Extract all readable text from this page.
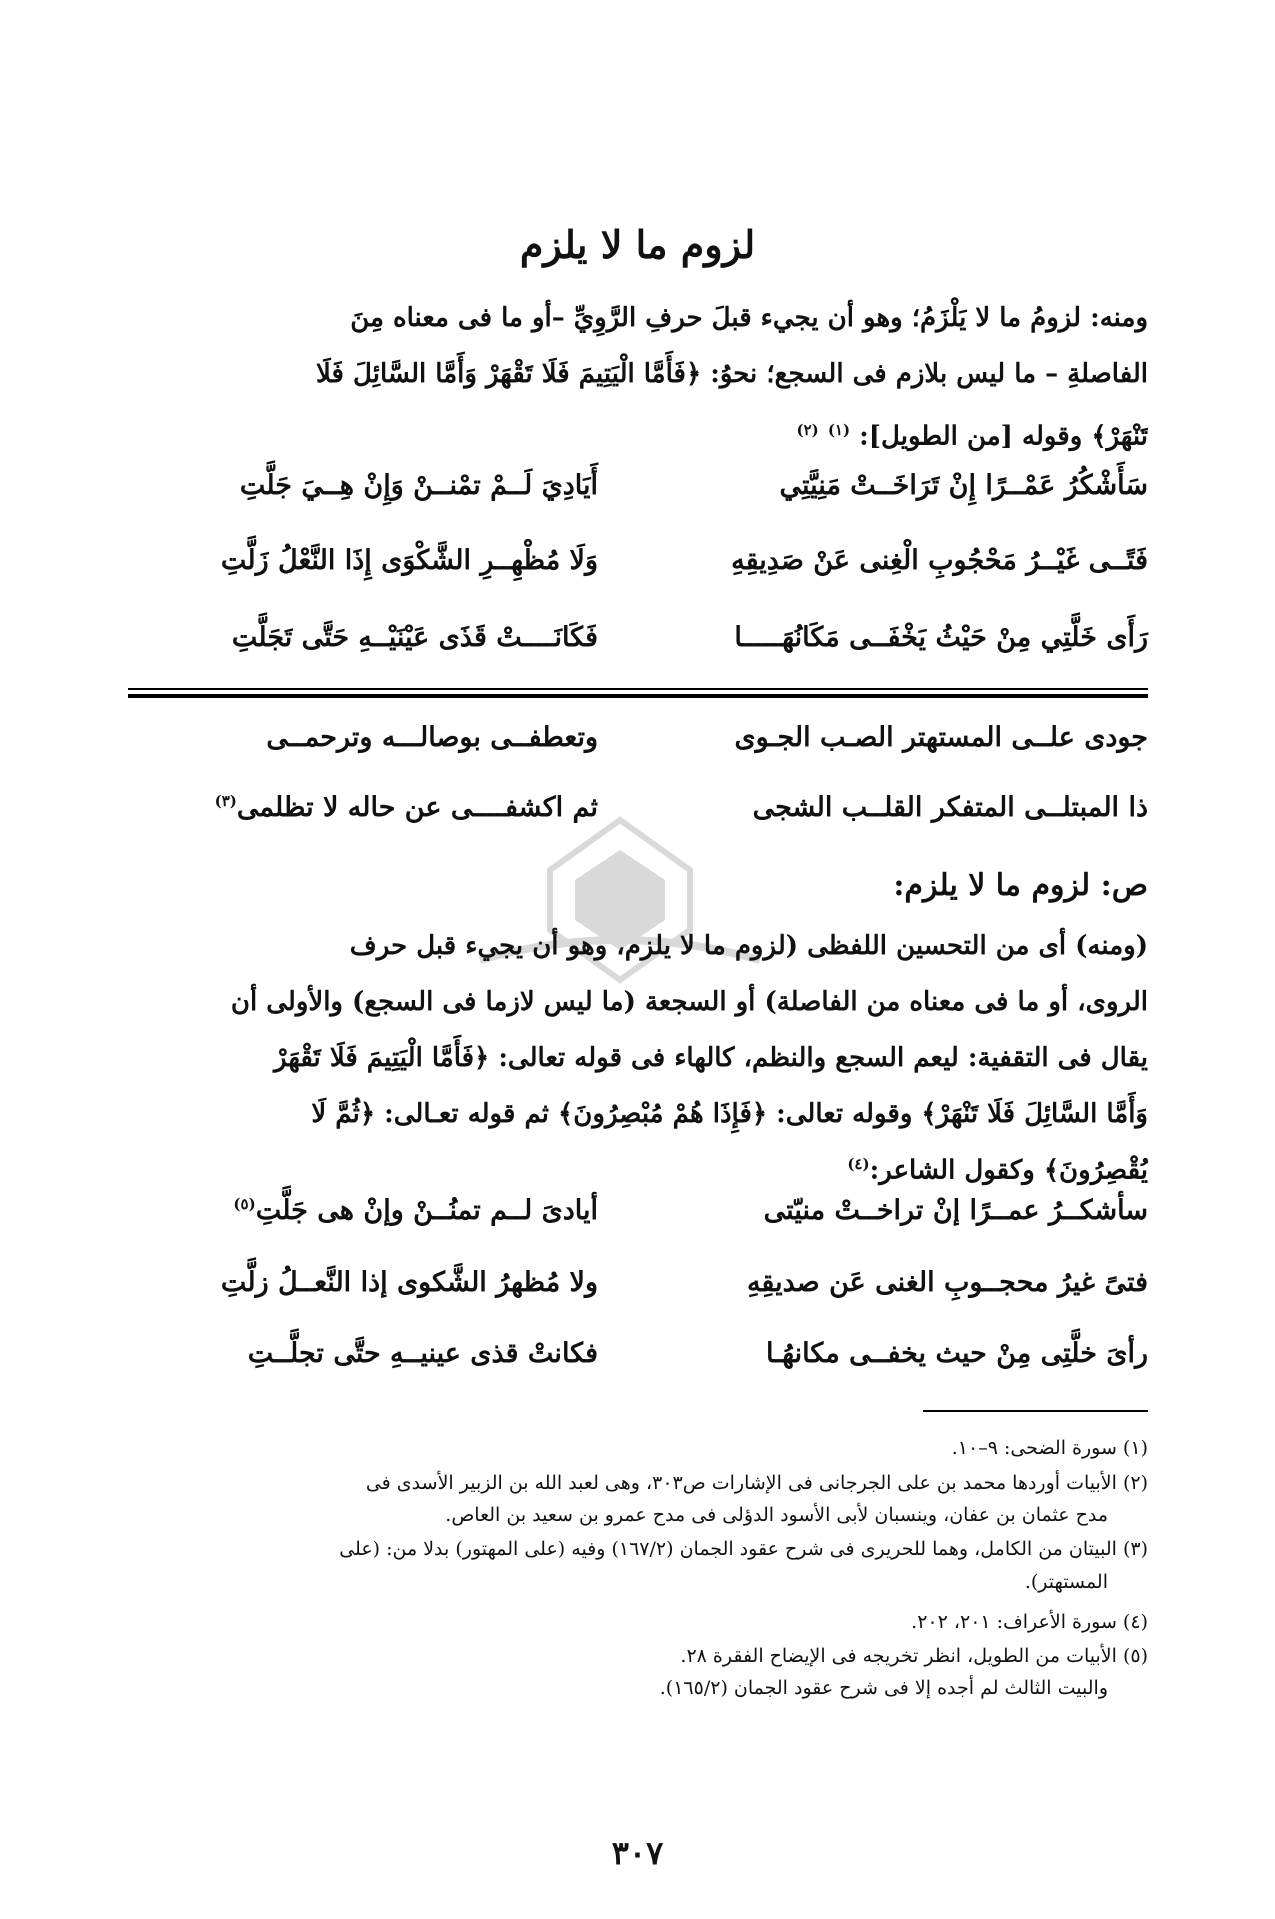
لزوم ما لا يلزم
ومنه: لزومُ ما لا يَلْزَمُ؛ وهو أن يجيء قبلَ حرفِ الرَّوِيِّ –أو ما فى معناه مِنَ
الفاصلةِ – ما ليس بلازم فى السجع؛ نحوُ: ﴿فَأَمَّا الْيَتِيمَ فَلَا تَقْهَرْ وَأَمَّا السَّائِلَ فَلَا
تَنْهَرْ﴾ وقوله [من الطويل]: $^{(١)}$ $^{(٢)}$
سَأَشْكُرُ عَمْــرًا إِنْ تَرَاخَــتْ مَنِيَّتِي
أَيَادِيَ لَــمْ تمْنــنْ وَإِنْ هِــيَ جَلَّتِ
فَتًــى غَيْــرُ مَحْجُوبِ الْغِنى عَنْ صَدِيقِهِ
وَلَا مُظْهِــرِ الشَّكْوَى إِذَا النَّعْلُ زَلَّتِ
رَأَى خَلَّتِي مِنْ حَيْثُ يَخْفَــى مَكَانُهَـــــا
فَكَانَــــتْ قَذَى عَيْنَيْــهِ حَتَّى تَجَلَّتِ
جودى علــى المستهتر الصـب الجـوى
وتعطفــى بوصالـــه وترحمــى
ذا المبتلــى المتفكر القلــب الشجى
ثم اكشفــــى عن حاله لا تظلمى$^{(٣)}$
ص: لزوم ما لا يلزم:
(ومنه) أى من التحسين اللفظى (لزوم ما لا يلزم، وهو أن يجيء قبل حرف
الروى، أو ما فى معناه من الفاصلة) أو السجعة (ما ليس لازما فى السجع) والأولى أن
يقال فى التقفية: ليعم السجع والنظم، كالهاء فى قوله تعالى: ﴿فَأَمَّا الْيَتِيمَ فَلَا تَقْهَرْ
وَأَمَّا السَّائِلَ فَلَا تَنْهَرْ﴾ وقوله تعالى: ﴿فَإِذَا هُمْ مُبْصِرُونَ﴾ ثم قوله تعـالى: ﴿ثُمَّ لَا
يُقْصِرُونَ﴾ وكقول الشاعر:$^{(٤)}$
سأشكــرُ عمــرًا إنْ تراخــتْ منيّتى
أيادىَ لــم تمنُــنْ وإنْ هى جَلَّتِ$^{(٥)}$
فتىً غيرُ محجــوبِ الغنى عَن صديقِهِ
ولا مُظهرُ الشَّكوى إذا النَّعــلُ زلَّتِ
رأىَ خلَّتِى مِنْ حيث يخفــى مكانهُـا
فكانتْ قذى عينيــهِ حتَّى تجلَّــتِ
(١) سورة الضحى: ٩–١٠.
(٢) الأبيات أوردها محمد بن على الجرجانى فى الإشارات ص٣٠٣، وهى لعبد الله بن الزبير الأسدى فى
مدح عثمان بن عفان، وينسبان لأبى الأسود الدؤلى فى مدح عمرو بن سعيد بن العاص.
(٣) البيتان من الكامل، وهما للحريرى فى شرح عقود الجمان (١٦٧/٢) وفيه (على المهتور) بدلا من: (على
المستهتر).
(٤) سورة الأعراف: ٢٠١، ٢٠٢.
(٥) الأبيات من الطويل، انظر تخريجه فى الإيضاح الفقرة ٢٨.
والبيت الثالث لم أجده إلا فى شرح عقود الجمان (١٦٥/٢).
٣٠٧
